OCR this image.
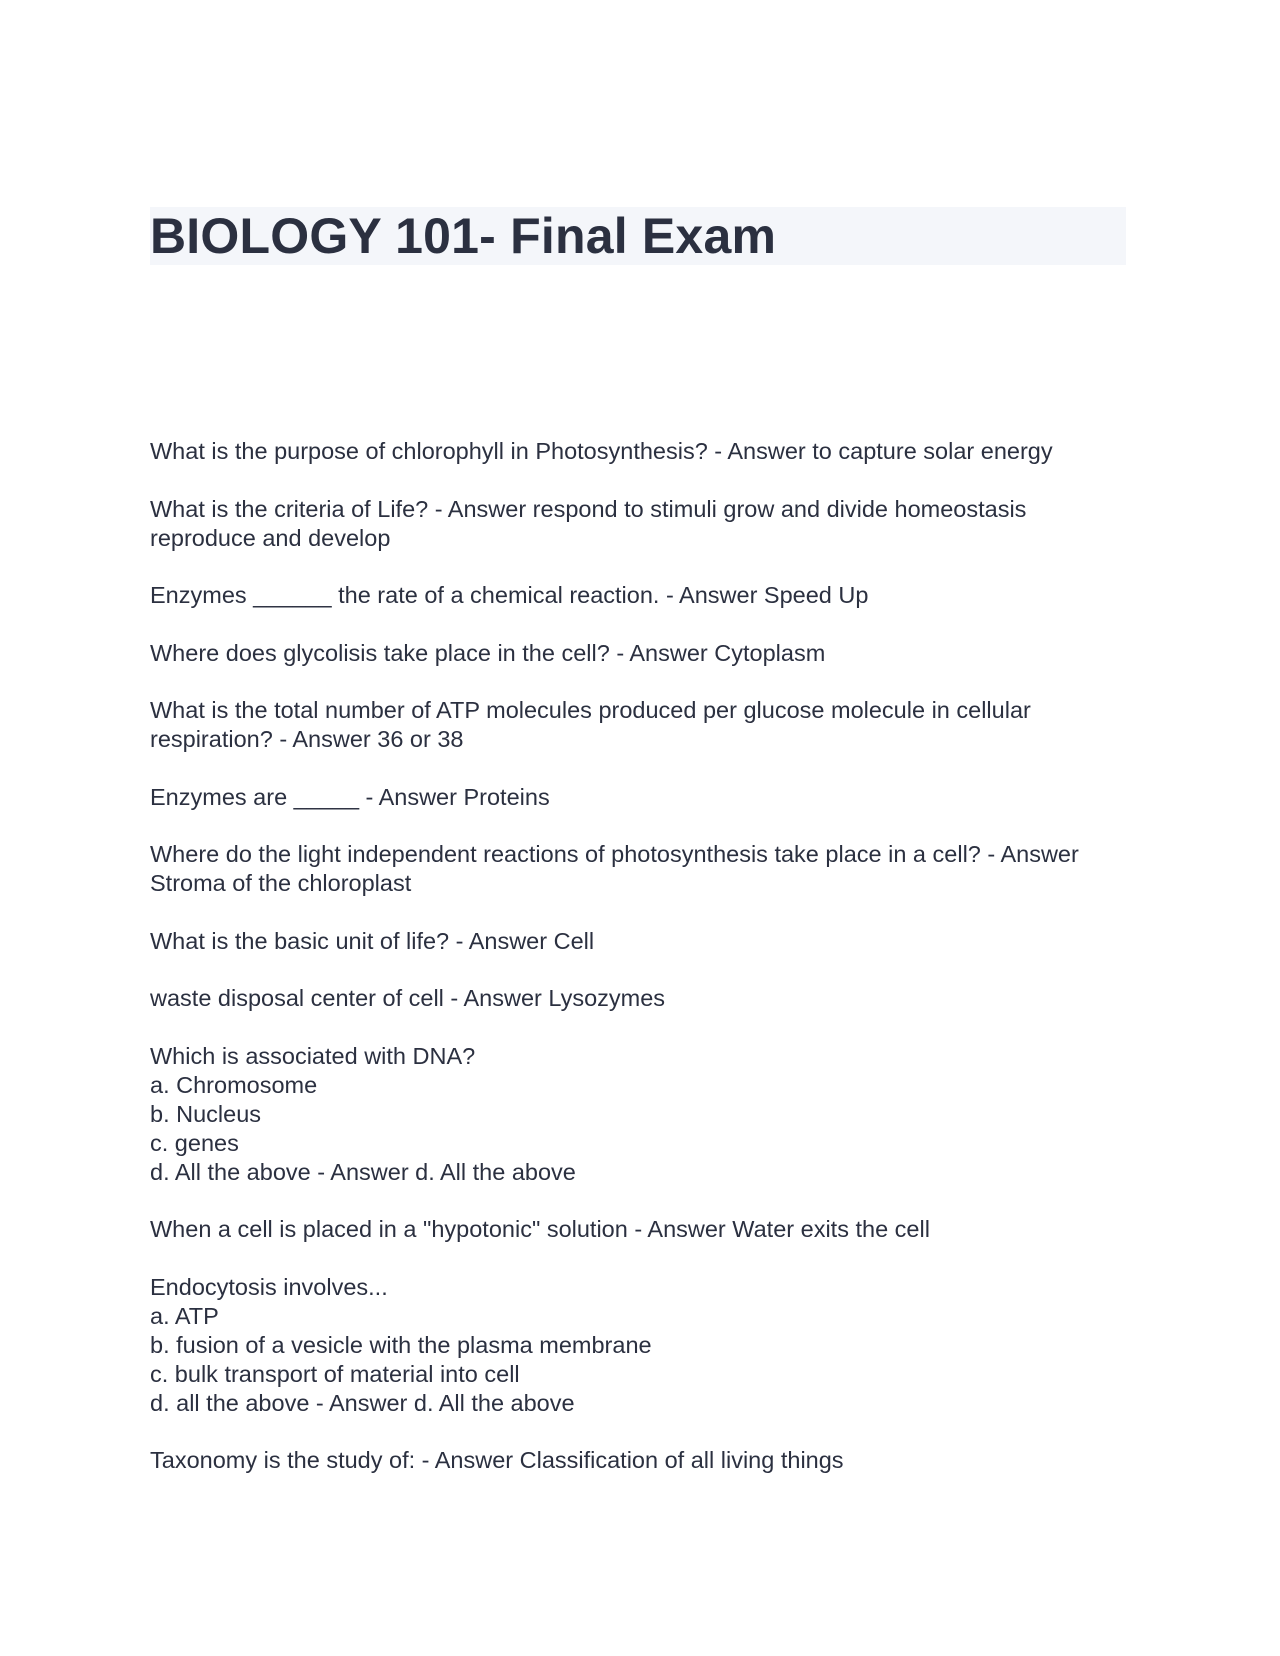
BIOLOGY 101- Final Exam

What is the purpose of chlorophyll in Photosynthesis? - Answer to capture solar energy

What is the criteria of Life? - Answer respond to stimuli grow and divide homeostasis reproduce and develop

Enzymes ______ the rate of a chemical reaction. - Answer Speed Up

Where does glycolisis take place in the cell? - Answer Cytoplasm

What is the total number of ATP molecules produced per glucose molecule in cellular respiration? - Answer 36 or 38

Enzymes are _____ - Answer Proteins

Where do the light independent reactions of photosynthesis take place in a cell? - Answer Stroma of the chloroplast

What is the basic unit of life? - Answer Cell

waste disposal center of cell - Answer Lysozymes

Which is associated with DNA?
a. Chromosome
b. Nucleus
c. genes
d. All the above - Answer d. All the above

When a cell is placed in a "hypotonic" solution - Answer Water exits the cell

Endocytosis involves...
a. ATP
b. fusion of a vesicle with the plasma membrane
c. bulk transport of material into cell
d. all the above - Answer d. All the above

Taxonomy is the study of: - Answer Classification of all living things
